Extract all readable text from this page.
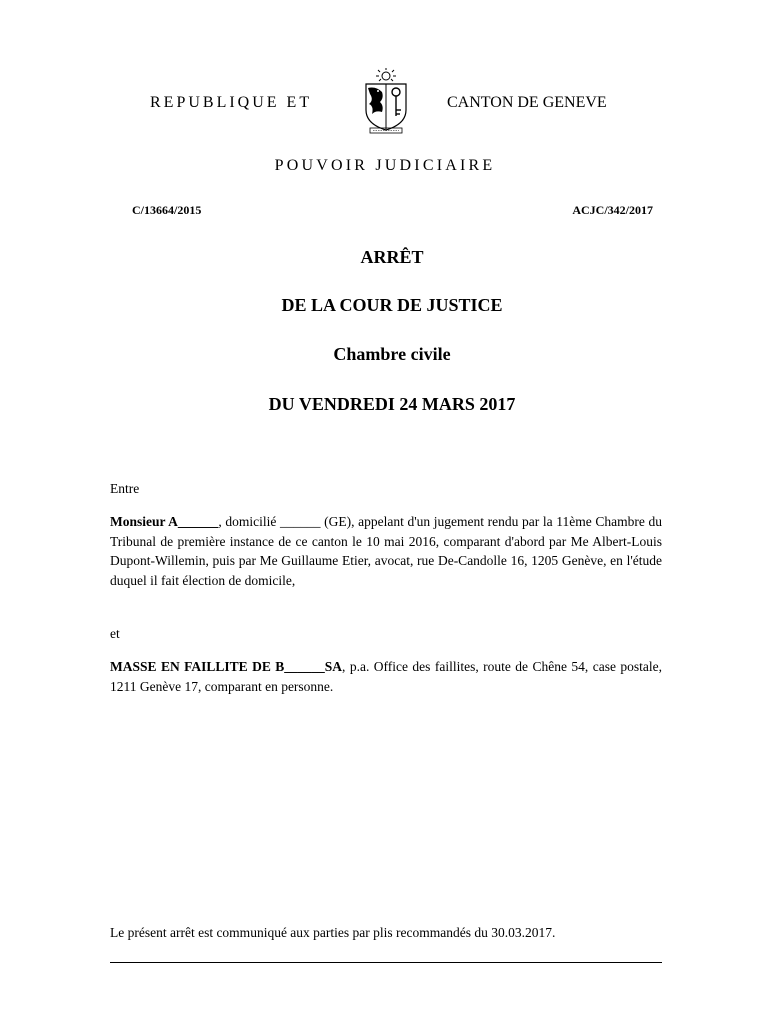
REPUBLIQUE ET	CANTON DE GENEVE
POUVOIR JUDICIAIRE
C/13664/2015	ACJC/342/2017
ARRÊT
DE LA COUR DE JUSTICE
Chambre civile
DU VENDREDI 24 MARS 2017
Entre
Monsieur A______, domicilié ______ (GE), appelant d'un jugement rendu par la 11ème Chambre du Tribunal de première instance de ce canton le 10 mai 2016, comparant d'abord par Me Albert-Louis Dupont-Willemin, puis par Me Guillaume Etier, avocat, rue De-Candolle 16, 1205 Genève, en l'étude duquel il fait élection de domicile,
et
MASSE EN FAILLITE DE B______SA, p.a. Office des faillites, route de Chêne 54, case postale, 1211 Genève 17, comparant en personne.
Le présent arrêt est communiqué aux parties par plis recommandés du 30.03.2017.
